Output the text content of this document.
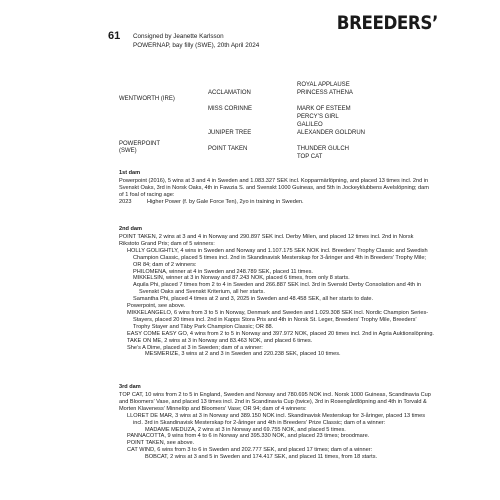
BREEDERS’
61 Consigned by Jeanette Karlsson
POWERNAP, bay filly (SWE), 20th April 2024
WENTWORTH (IRE)
POWERPOINT (SWE)
ACCLAMATION
MISS CORINNE
JUNIPER TREE
POINT TAKEN
ROYAL APPLAUSE
PRINCESS ATHENA
MARK OF ESTEEM
PERCY’S GIRL
GALILEO
ALEXANDER GOLDRUN
THUNDER GULCH
TOP CAT
1st dam

Powerpoint (2016), 5 wins at 3 and 4 in Sweden and 1.083.327 SEK incl. Kopparmärlöpning, and placed 13 times incl. 2nd in Svenskt Oaks, 3rd in Norsk Oaks, 4th in Fawzia S. and Svenskt 1000 Guineas, and 5th in Jockeyklubbens Avelslöpning; dam of 1 foal of racing age:

2023	Higher Power (f. by Gale Force Ten), 2yo in training in Sweden.
2nd dam

POINT TAKEN, 2 wins at 3 and 4 in Norway and 290.897 SEK incl. Derby Milen, and placed 12 times incl. 2nd in Norsk Rikstoto Grand Prix; dam of 5 winners:

HOLLY GOLIGHTLY, 4 wins in Sweden and Norway and 1.107.175 SEK NOK incl. Breeders’ Trophy Classic and Swedish Champion Classic, placed 5 times incl. 2nd in Skandinavisk Mesterskap for 3-åringer and 4th in Breeders’ Trophy Mile; OR 84; dam of 2 winners:

PHILOMENA, winner at 4 in Sweden and 248.789 SEK, placed 11 times.

MIKKELSIN, winner at 3 in Norway and 87.243 NOK, placed 6 times, from only 8 starts.

Aquila Phi, placed 7 times from 2 to 4 in Sweden and 266.887 SEK incl. 3rd in Svenskt Derby Consolation and 4th in Svenskt Oaks and Svenskt Kriterium, all her starts.

Samantha Phi, placed 4 times at 2 and 3, 2025 in Sweden and 48.458 SEK, all her starts to date.

Powerpoint, see above.

MIKKELANGELO, 6 wins from 3 to 5 in Norway, Denmark and Sweden and 1.029.308 SEK incl. Nordic Champion Series-Stayers, placed 20 times incl. 2nd in Kapps Stora Pris and 4th in Norsk St. Leger, Breeders’ Trophy Mile, Breeders’ Trophy Stayer and Täby Park Champion Classic; OR 88.

EASY COME EASY GO, 4 wins from 2 to 5 in Norway and 397.972 NOK, placed 20 times incl. 2nd in Agria Auktionslöpning.

TAKE ON ME, 2 wins at 3 in Norway and 83.463 NOK, and placed 6 times.

She’s A Dime, placed at 3 in Sweden; dam of a winner:

MESMERIZE, 3 wins at 2 and 3 in Sweden and 220.238 SEK, placed 10 times.

3rd dam

TOP CAT, 10 wins from 2 to 5 in England, Sweden and Norway and 780.695 NOK incl. Norsk 1000 Guineas, Scandinavia Cup and Bloomers’ Vase, and placed 13 times incl. 2nd in Scandinavia Cup (twice), 3rd in Rosengårdlöpning and 4th in Torvald & Morten Klaveness’ Minnelöp and Bloomers’ Vase; OR 94; dam of 4 winners:

LLORET DE MAR, 3 wins at 3 in Norway and 389.150 NOK incl. Skandinavisk Mesterskap for 3-åringer, placed 13 times incl. 3rd in Skandinavisk Mesterskap for 2-åringer and 4th in Breeders’ Prize Classic; dam of a winner:

MADAME MEDUZA, 2 wins at 3 in Norway and 69.755 NOK, and placed 5 times.

PANNACOTTA, 9 wins from 4 to 6 in Norway and 395.330 NOK, and placed 23 times; broodmare.

POINT TAKEN, see above.

CAT WIND, 6 wins from 3 to 6 in Sweden and 202.777 SEK, and placed 17 times; dam of a winner:

BOBCAT, 2 wins at 3 and 5 in Sweden and 174.417 SEK, and placed 11 times, from 18 starts.
